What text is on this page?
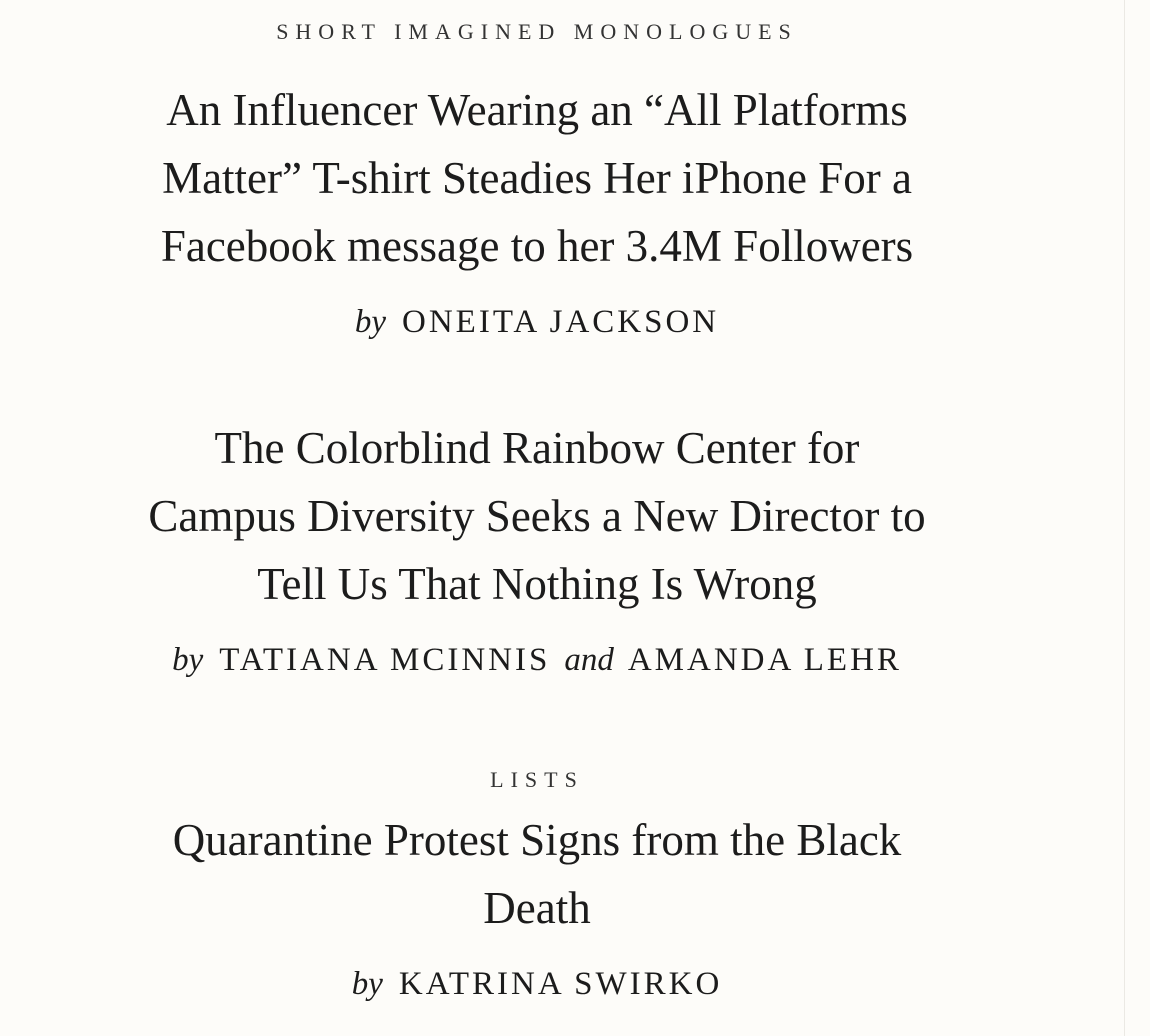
SHORT IMAGINED MONOLOGUES
An Influencer Wearing an “All Platforms
Matter” T-shirt Steadies Her iPhone For a
Facebook message to her 3.4M Followers
by ONEITA JACKSON
The Colorblind Rainbow Center for
Campus Diversity Seeks a New Director to
Tell Us That Nothing Is Wrong
by TATIANA MCINNIS and AMANDA LEHR
LISTS
Quarantine Protest Signs from the Black
Death
by KATRINA SWIRKO
